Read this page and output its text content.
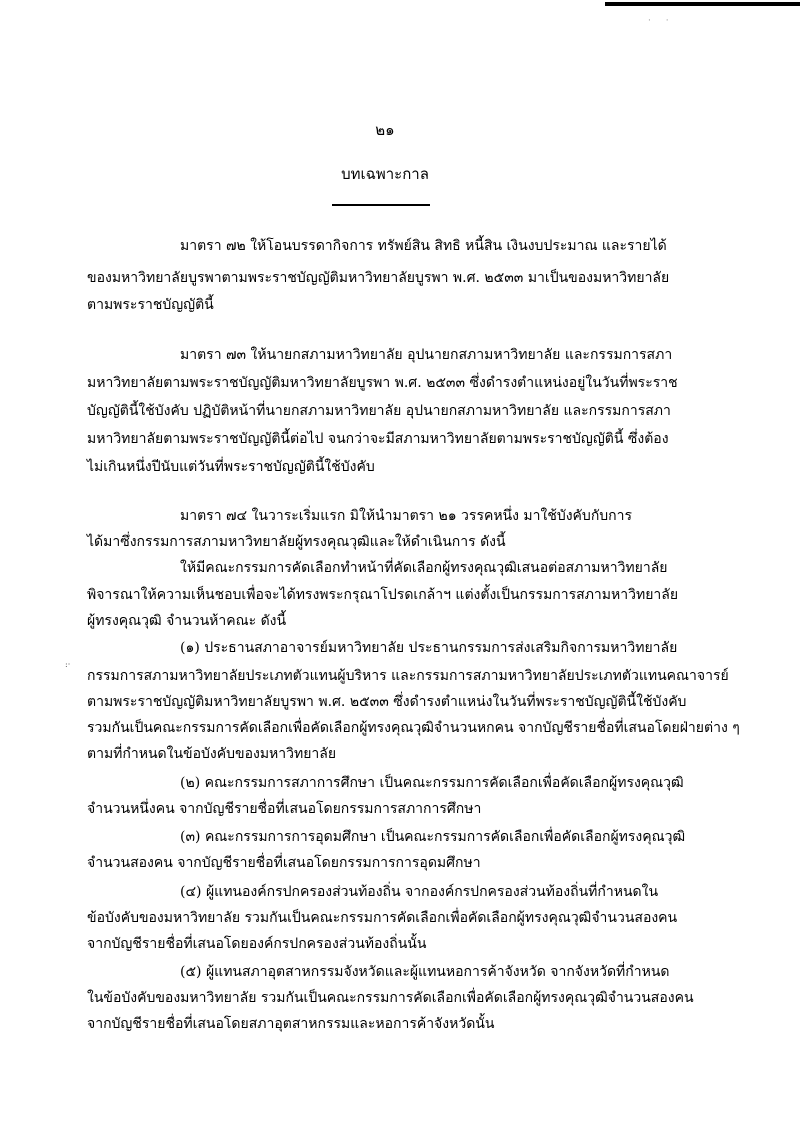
· ·
๒๑
บทเฉพาะกาล
มาตรา ๗๒ ให้โอนบรรดากิจการ ทรัพย์สิน สิทธิ หนี้สิน เงินงบประมาณ และรายได้
ของมหาวิทยาลัยบูรพาตามพระราชบัญญัติมหาวิทยาลัยบูรพา พ.ศ. ๒๕๓๓ มาเป็นของมหาวิทยาลัย
ตามพระราชบัญญัตินี้
มาตรา ๗๓ ให้นายกสภามหาวิทยาลัย อุปนายกสภามหาวิทยาลัย และกรรมการสภา
มหาวิทยาลัยตามพระราชบัญญัติมหาวิทยาลัยบูรพา พ.ศ. ๒๕๓๓ ซึ่งดำรงตำแหน่งอยู่ในวันที่พระราช
บัญญัตินี้ใช้บังคับ ปฏิบัติหน้าที่นายกสภามหาวิทยาลัย อุปนายกสภามหาวิทยาลัย และกรรมการสภา
มหาวิทยาลัยตามพระราชบัญญัตินี้ต่อไป จนกว่าจะมีสภามหาวิทยาลัยตามพระราชบัญญัตินี้ ซึ่งต้อง
ไม่เกินหนึ่งปีนับแต่วันที่พระราชบัญญัตินี้ใช้บังคับ
มาตรา ๗๔ ในวาระเริ่มแรก มิให้นำมาตรา ๒๑ วรรคหนึ่ง มาใช้บังคับกับการ
ได้มาซึ่งกรรมการสภามหาวิทยาลัยผู้ทรงคุณวุฒิและให้ดำเนินการ ดังนี้
ให้มีคณะกรรมการคัดเลือกทำหน้าที่คัดเลือกผู้ทรงคุณวุฒิเสนอต่อสภามหาวิทยาลัย
พิจารณาให้ความเห็นชอบเพื่อจะได้ทรงพระกรุณาโปรดเกล้าฯ แต่งตั้งเป็นกรรมการสภามหาวิทยาลัย
ผู้ทรงคุณวุฒิ จำนวนห้าคณะ ดังนี้
(๑) ประธานสภาอาจารย์มหาวิทยาลัย ประธานกรรมการส่งเสริมกิจการมหาวิทยาลัย
กรรมการสภามหาวิทยาลัยประเภทตัวแทนผู้บริหาร และกรรมการสภามหาวิทยาลัยประเภทตัวแทนคณาจารย์
ตามพระราชบัญญัติมหาวิทยาลัยบูรพา พ.ศ. ๒๕๓๓ ซึ่งดำรงตำแหน่งในวันที่พระราชบัญญัตินี้ใช้บังคับ
รวมกันเป็นคณะกรรมการคัดเลือกเพื่อคัดเลือกผู้ทรงคุณวุฒิจำนวนหกคน จากบัญชีรายชื่อที่เสนอโดยฝ่ายต่าง ๆ
ตามที่กำหนดในข้อบังคับของมหาวิทยาลัย
(๒) คณะกรรมการสภาการศึกษา เป็นคณะกรรมการคัดเลือกเพื่อคัดเลือกผู้ทรงคุณวุฒิ
จำนวนหนึ่งคน จากบัญชีรายชื่อที่เสนอโดยกรรมการสภาการศึกษา
(๓) คณะกรรมการการอุดมศึกษา เป็นคณะกรรมการคัดเลือกเพื่อคัดเลือกผู้ทรงคุณวุฒิ
จำนวนสองคน จากบัญชีรายชื่อที่เสนอโดยกรรมการการอุดมศึกษา
(๔) ผู้แทนองค์กรปกครองส่วนท้องถิ่น จากองค์กรปกครองส่วนท้องถิ่นที่กำหนดใน
ข้อบังคับของมหาวิทยาลัย รวมกันเป็นคณะกรรมการคัดเลือกเพื่อคัดเลือกผู้ทรงคุณวุฒิจำนวนสองคน
จากบัญชีรายชื่อที่เสนอโดยองค์กรปกครองส่วนท้องถิ่นนั้น
(๕) ผู้แทนสภาอุตสาหกรรมจังหวัดและผู้แทนหอการค้าจังหวัด จากจังหวัดที่กำหนด
ในข้อบังคับของมหาวิทยาลัย รวมกันเป็นคณะกรรมการคัดเลือกเพื่อคัดเลือกผู้ทรงคุณวุฒิจำนวนสองคน
จากบัญชีรายชื่อที่เสนอโดยสภาอุตสาหกรรมและหอการค้าจังหวัดนั้น
:·
